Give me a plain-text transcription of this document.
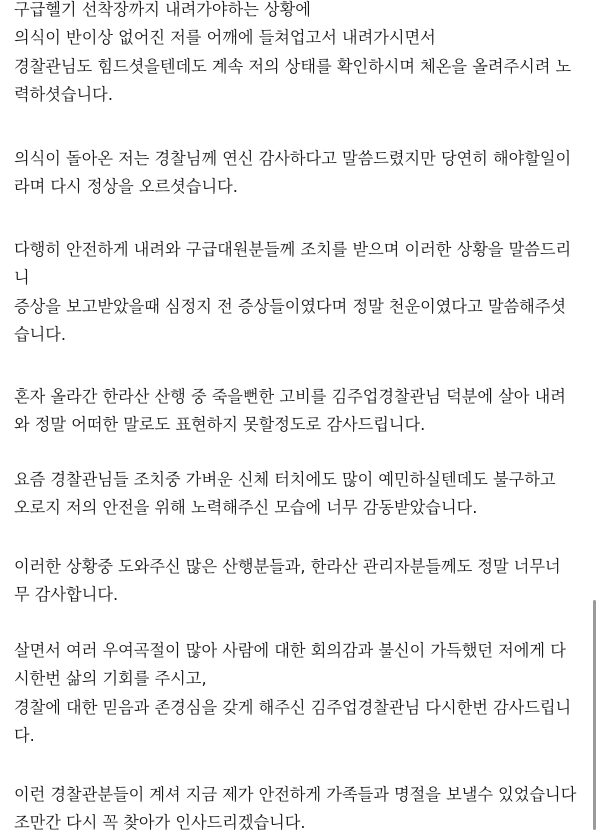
구급헬기 선착장까지 내려가야하는 상황에
의식이 반이상 없어진 저를 어깨에 들쳐업고서 내려가시면서
경찰관님도 힘드셧을텐데도 계속 저의 상태를 확인하시며 체온을 올려주시려 노
력하셧습니다.
의식이 돌아온 저는 경찰님께 연신 감사하다고 말씀드렸지만 당연히 해야할일이
라며 다시 정상을 오르셧습니다.
다행히 안전하게 내려와 구급대원분들께 조치를 받으며 이러한 상황을 말씀드리
니
증상을 보고받았을때 심정지 전 증상들이였다며 정말 천운이였다고 말씀해주셧
습니다.
혼자 올라간 한라산 산행 중 죽을뻔한 고비를 김주업경찰관님 덕분에 살아 내려
와 정말 어떠한 말로도 표현하지 못할정도로 감사드립니다.
요즘 경찰관님들 조치중 가벼운 신체 터치에도 많이 예민하실텐데도 불구하고
오로지 저의 안전을 위해 노력해주신 모습에 너무 감동받았습니다.
이러한 상황중 도와주신 많은 산행분들과, 한라산 관리자분들께도 정말 너무너
무 감사합니다.
살면서 여러 우여곡절이 많아 사람에 대한 회의감과 불신이 가득했던 저에게 다
시한번 삶의 기회를 주시고,
경찰에 대한 믿음과 존경심을 갖게 해주신 김주업경찰관님 다시한번 감사드립니
다.
이런 경찰관분들이 계셔 지금 제가 안전하게 가족들과 명절을 보낼수 있었습니다
조만간 다시 꼭 찾아가 인사드리겠습니다.
